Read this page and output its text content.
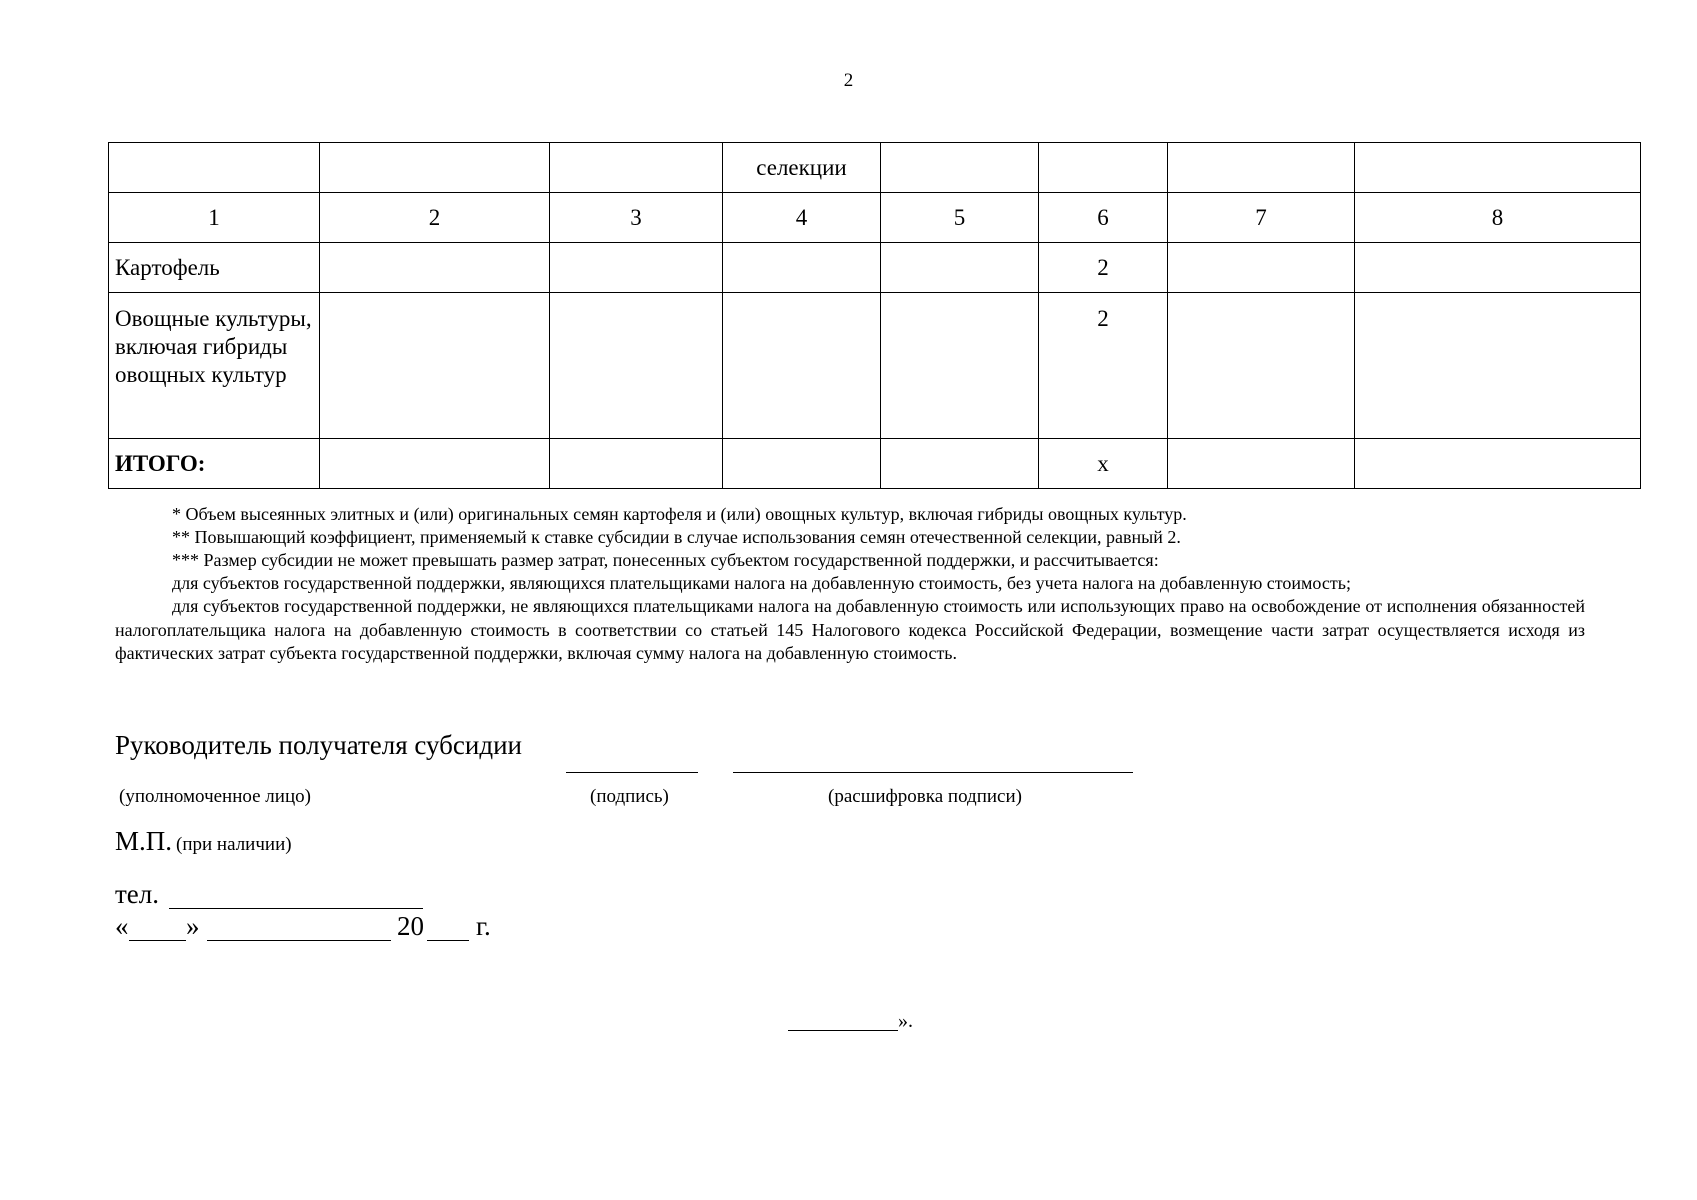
2
			селекции				
1	2	3	4	5	6	7	8
Картофель					2		
Овощные культуры, включая гибриды овощных культур					2		
ИТОГО:					х		
* Объем высеянных элитных и (или) оригинальных семян картофеля и (или) овощных культур, включая гибриды овощных культур.
** Повышающий коэффициент, применяемый к ставке субсидии в случае использования семян отечественной селекции, равный 2.
*** Размер субсидии не может превышать размер затрат, понесенных субъектом государственной поддержки, и рассчитывается:
для субъектов государственной поддержки, являющихся плательщиками налога на добавленную стоимость, без учета налога на добавленную стоимость;
для субъектов государственной поддержки, не являющихся плательщиками налога на добавленную стоимость или использующих право на освобождение от исполнения обязанностей налогоплательщика налога на добавленную стоимость в соответствии со статьей 145 Налогового кодекса Российской Федерации, возмещение части затрат осуществляется исходя из фактических затрат субъекта государственной поддержки, включая сумму налога на добавленную стоимость.
Руководитель получателя субсидии
(уполномоченное лицо)	(подпись)	(расшифровка подписи)
М.П. (при наличии)
тел.
« »	20 г.
».
